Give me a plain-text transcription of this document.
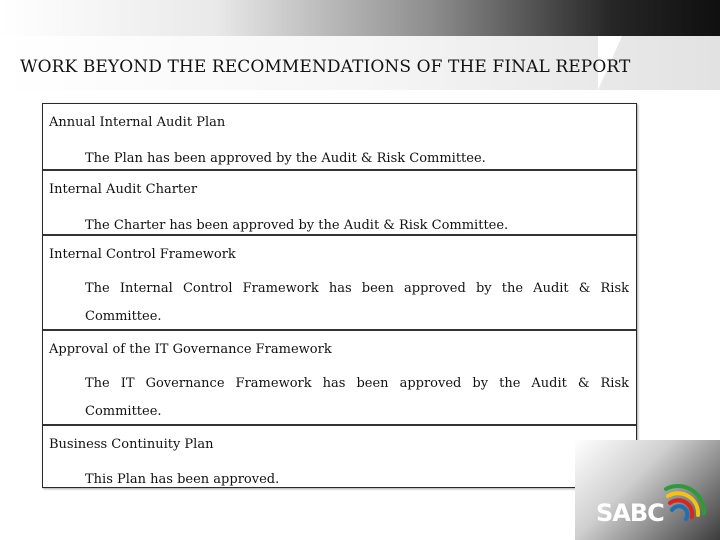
WORK BEYOND THE RECOMMENDATIONS OF THE FINAL REPORT
Annual Internal Audit Plan
The Plan has been approved by the Audit & Risk Committee.
Internal Audit Charter
The Charter has been approved by the Audit & Risk Committee.
Internal Control Framework
The Internal Control Framework has been approved by the Audit & Risk Committee.
Approval of the IT Governance Framework
The IT Governance Framework has been approved by the Audit & Risk Committee.
Business Continuity Plan
This Plan has been approved.
SABC
